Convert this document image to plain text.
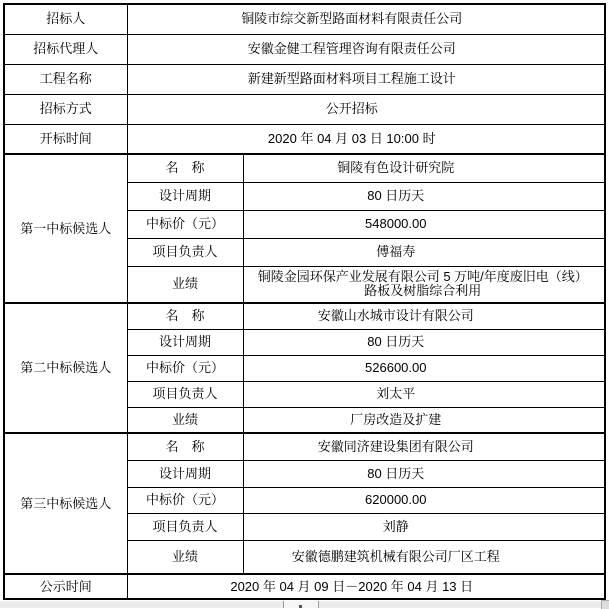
招标人	铜陵市综交新型路面材料有限责任公司	
招标代理人	安徽金健工程管理咨询有限责任公司	
工程名称	新建新型路面材料项目工程施工设计	
招标方式	公开招标	
开标时间	2020 年 04 月 03 日 10:00 时	
第一中标候选人	名　称	铜陵有色设计研究院
	设计周期	80 日历天
	中标价（元）	548000.00
	项目负责人	傅福寿
	业绩	铜陵金园环保产业发展有限公司 5 万吨/年度废旧电（线）路板及树脂综合利用
第二中标候选人	名　称	安徽山水城市设计有限公司
	设计周期	80 日历天
	中标价（元）	526600.00
	项目负责人	刘太平
	业绩	厂房改造及扩建
第三中标候选人	名　称	安徽同济建设集团有限公司
	设计周期	80 日历天
	中标价（元）	620000.00
	项目负责人	刘静
	业绩	安徽德鹏建筑机械有限公司厂区工程
公示时间	2020 年 04 月 09 日－2020 年 04 月 13 日	
